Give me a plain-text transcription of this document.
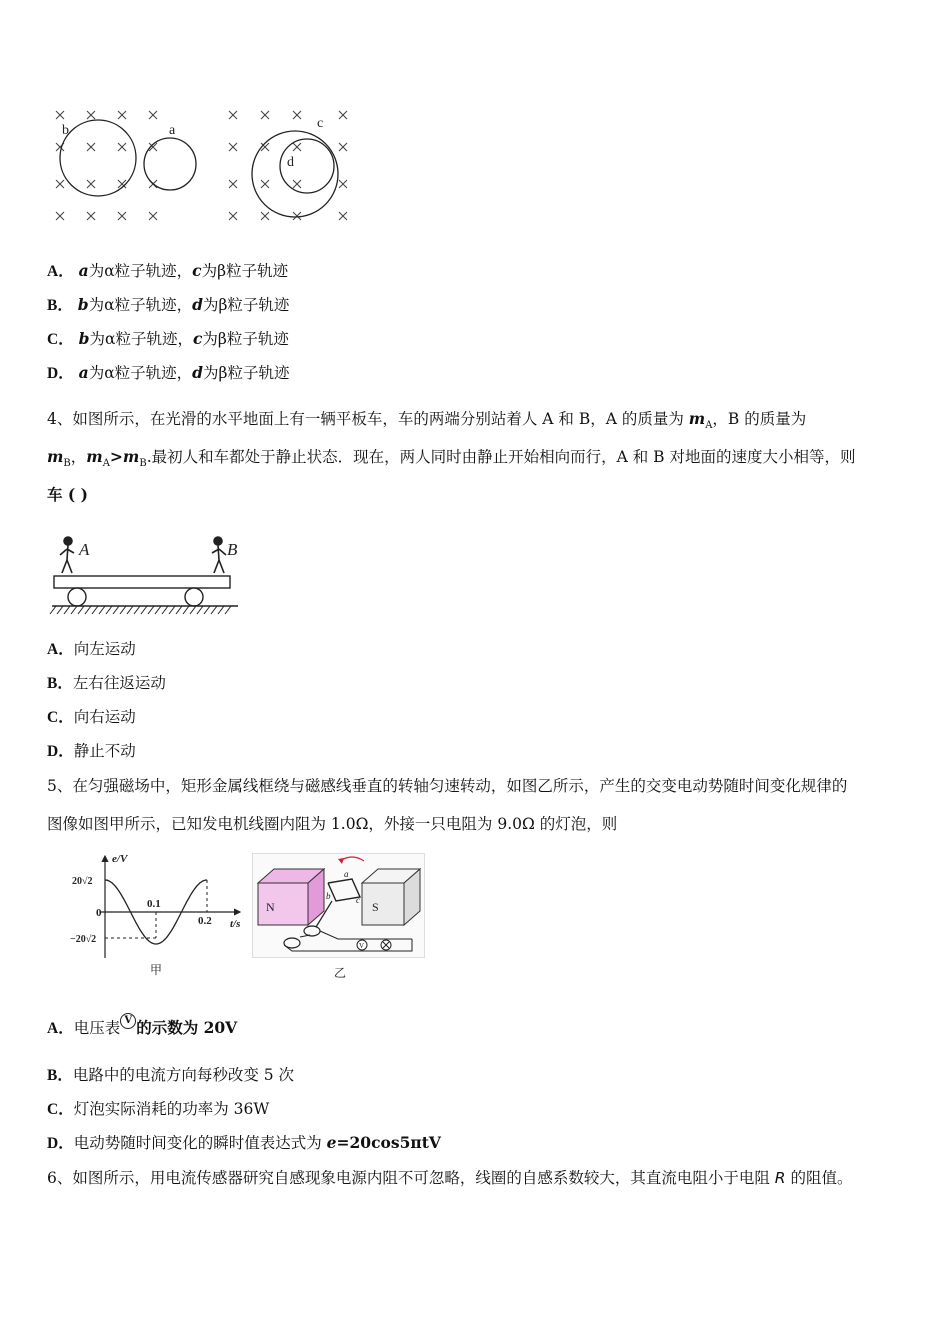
b	a	c
d
A． a为α粒子轨迹，c为β粒子轨迹
B． b为α粒子轨迹，d为β粒子轨迹
C． b为α粒子轨迹，c为β粒子轨迹
D． a为α粒子轨迹，d为β粒子轨迹
4、如图所示，在光滑的水平地面上有一辆平板车，车的两端分别站着人 A 和 B，A 的质量为 $m_A$，B 的质量为
$m_B$，$m_A>m_B$.最初人和车都处于静止状态．现在，两人同时由静止开始相向而行，A 和 B 对地面的速度大小相等，则
车 ( )
A	B
A．向左运动
B．左右往返运动
C．向右运动
D．静止不动
5、在匀强磁场中，矩形金属线框绕与磁感线垂直的转轴匀速转动，如图乙所示，产生的交变电动势随时间变化规律的
图像如图甲所示，已知发电机线圈内阻为 1.0Ω，外接一只电阻为 9.0Ω 的灯泡，则
e/V
t/s
20√2
−20√2
0
0.1
0.2
甲
N	S
a
b	c
V
乙
A．电压表 V 的示数为 20V
B．电路中的电流方向每秒改变 5 次
C．灯泡实际消耗的功率为 36W
D．电动势随时间变化的瞬时值表达式为 e=20cos5πtV
6、如图所示，用电流传感器研究自感现象电源内阻不可忽略，线圈的自感系数较大，其直流电阻小于电阻 R 的阻值。
